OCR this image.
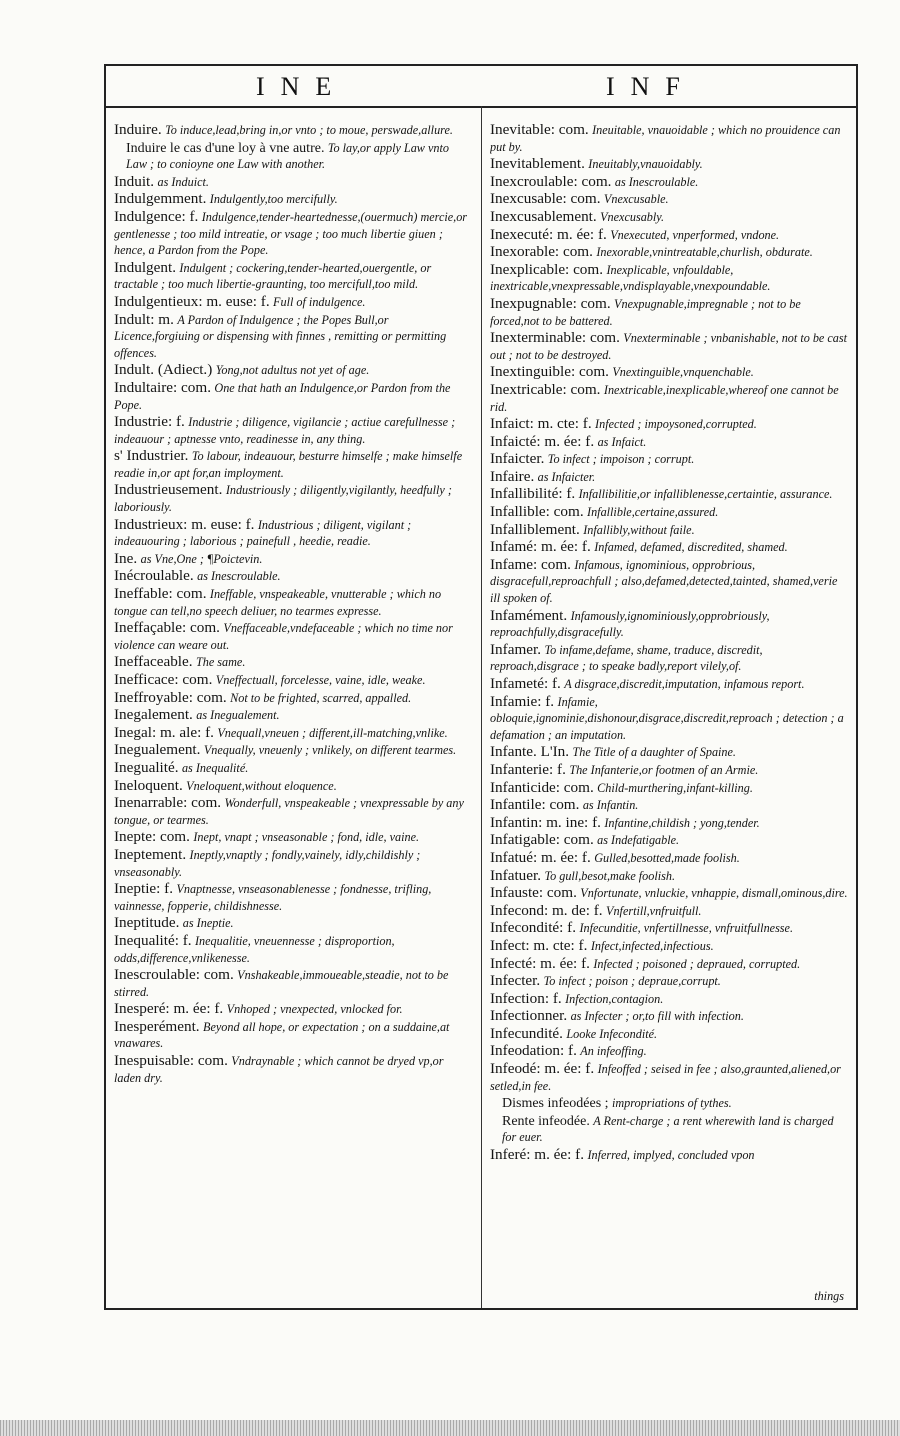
INE	INF
Induire. To induce,lead,bring in,or vnto ; to moue, perswade,allure.
Induire le cas d'une loy à vne autre. To lay,or apply Law vnto Law ; to conioyne one Law with another.
Induit. as Induict.
Indulgemment. Indulgently,too mercifully.
Indulgence: f. Indulgence,tender-heartednesse,(ouermuch) mercie,or gentlenesse ; too mild intreatie, or vsage ; too much libertie giuen ; hence, a Pardon from the Pope.
Indulgent. Indulgent ; cockering,tender-hearted,ouergentle, or tractable ; too much libertie-graunting, too mercifull,too mild.
Indulgentieux: m. euse: f. Full of indulgence.
Indult: m. A Pardon of Indulgence ; the Popes Bull,or Licence,forgiuing or dispensing with finnes , remitting or permitting offences.
Indult. (Adiect.) Yong,not adultus not yet of age.
Indultaire: com. One that hath an Indulgence,or Pardon from the Pope.
Industrie: f. Industrie ; diligence, vigilancie ; actiue carefullnesse ; indeauour ; aptnesse vnto, readinesse in, any thing.
s' Industrier. To labour, indeauour, besturre himselfe ; make himselfe readie in,or apt for,an imployment.
Industrieusement. Industriously ; diligently,vigilantly, heedfully ; laboriously.
Industrieux: m. euse: f. Industrious ; diligent, vigilant ; indeauouring ; laborious ; painefull , heedie, readie.
Ine. as Vne,One ; ¶Poictevin.
Inécroulable. as Inescroulable.
Ineffable: com. Ineffable, vnspeakeable, vnutterable ; which no tongue can tell,no speech deliuer, no tearmes expresse.
Ineffaçable: com. Vneffaceable,vndefaceable ; which no time nor violence can weare out.
Ineffaceable. The same.
Inefficace: com. Vneffectuall, forcelesse, vaine, idle, weake.
Ineffroyable: com. Not to be frighted, scarred, appalled.
Inegalement. as Inegualement.
Inegal: m. ale: f. Vnequall,vneuen ; different,ill-matching,vnlike.
Inegualement. Vnequally, vneuenly ; vnlikely, on different tearmes.
Inegualité. as Inequalité.
Ineloquent. Vneloquent,without eloquence.
Inenarrable: com. Wonderfull, vnspeakeable ; vnexpressable by any tongue, or tearmes.
Inepte: com. Inept, vnapt ; vnseasonable ; fond, idle, vaine.
Ineptement. Ineptly,vnaptly ; fondly,vainely, idly,childishly ; vnseasonably.
Ineptie: f. Vnaptnesse, vnseasonablenesse ; fondnesse, trifling, vainnesse, fopperie, childishnesse.
Ineptitude. as Ineptie.
Inequalité: f. Inequalitie, vneuennesse ; disproportion, odds,difference,vnlikenesse.
Inescroulable: com. Vnshakeable,immoueable,steadie, not to be stirred.
Inesperé: m. ée: f. Vnhoped ; vnexpected, vnlocked for.
Inesperément. Beyond all hope, or expectation ; on a suddaine,at vnawares.
Inespuisable: com. Vndraynable ; which cannot be dryed vp,or laden dry.
Inevitable: com. Ineuitable, vnauoidable ; which no prouidence can put by.
Inevitablement. Ineuitably,vnauoidably.
Inexcroulable: com. as Inescroulable.
Inexcusable: com. Vnexcusable.
Inexcusablement. Vnexcusably.
Inexecuté: m. ée: f. Vnexecuted, vnperformed, vndone.
Inexorable: com. Inexorable,vnintreatable,churlish, obdurate.
Inexplicable: com. Inexplicable, vnfouldable, inextricable,vnexpressable,vndisplayable,vnexpoundable.
Inexpugnable: com. Vnexpugnable,impregnable ; not to be forced,not to be battered.
Inexterminable: com. Vnexterminable ; vnbanishable, not to be cast out ; not to be destroyed.
Inextinguible: com. Vnextinguible,vnquenchable.
Inextricable: com. Inextricable,inexplicable,whereof one cannot be rid.
Infaict: m. cte: f. Infected ; impoysoned,corrupted.
Infaicté: m. ée: f. as Infaict.
Infaicter. To infect ; impoison ; corrupt.
Infaire. as Infaicter.
Infallibilité: f. Infallibilitie,or infalliblenesse,certaintie, assurance.
Infallible: com. Infallible,certaine,assured.
Infalliblement. Infallibly,without faile.
Infamé: m. ée: f. Infamed, defamed, discredited, shamed.
Infame: com. Infamous, ignominious, opprobrious, disgracefull,reproachfull ; also,defamed,detected,tainted, shamed,verie ill spoken of.
Infamément. Infamously,ignominiously,opprobriously, reproachfully,disgracefully.
Infamer. To infame,defame, shame, traduce, discredit, reproach,disgrace ; to speake badly,report vilely,of.
Infameté: f. A disgrace,discredit,imputation, infamous report.
Infamie: f. Infamie, obloquie,ignominie,dishonour,disgrace,discredit,reproach ; detection ; a defamation ; an imputation.
Infante. L'In. The Title of a daughter of Spaine.
Infanterie: f. The Infanterie,or footmen of an Armie.
Infanticide: com. Child-murthering,infant-killing.
Infantile: com. as Infantin.
Infantin: m. ine: f. Infantine,childish ; yong,tender.
Infatigable: com. as Indefatigable.
Infatué: m. ée: f. Gulled,besotted,made foolish.
Infatuer. To gull,besot,make foolish.
Infauste: com. Vnfortunate, vnluckie, vnhappie, dismall,ominous,dire.
Infecond: m. de: f. Vnfertill,vnfruitfull.
Infecondité: f. Infecunditie, vnfertillnesse, vnfruitfullnesse.
Infect: m. cte: f. Infect,infected,infectious.
Infecté: m. ée: f. Infected ; poisoned ; depraued, corrupted.
Infecter. To infect ; poison ; depraue,corrupt.
Infection: f. Infection,contagion.
Infectionner. as Infecter ; or,to fill with infection.
Infecundité. Looke Infecondité.
Infeodation: f. An infeoffing.
Infeodé: m. ée: f. Infeoffed ; seised in fee ; also,graunted,aliened,or setled,in fee.
Dismes infeodées ; impropriations of tythes.
Rente infeodée. A Rent-charge ; a rent wherewith land is charged for euer.
Inferé: m. ée: f. Inferred, implyed, concluded vpon
things
